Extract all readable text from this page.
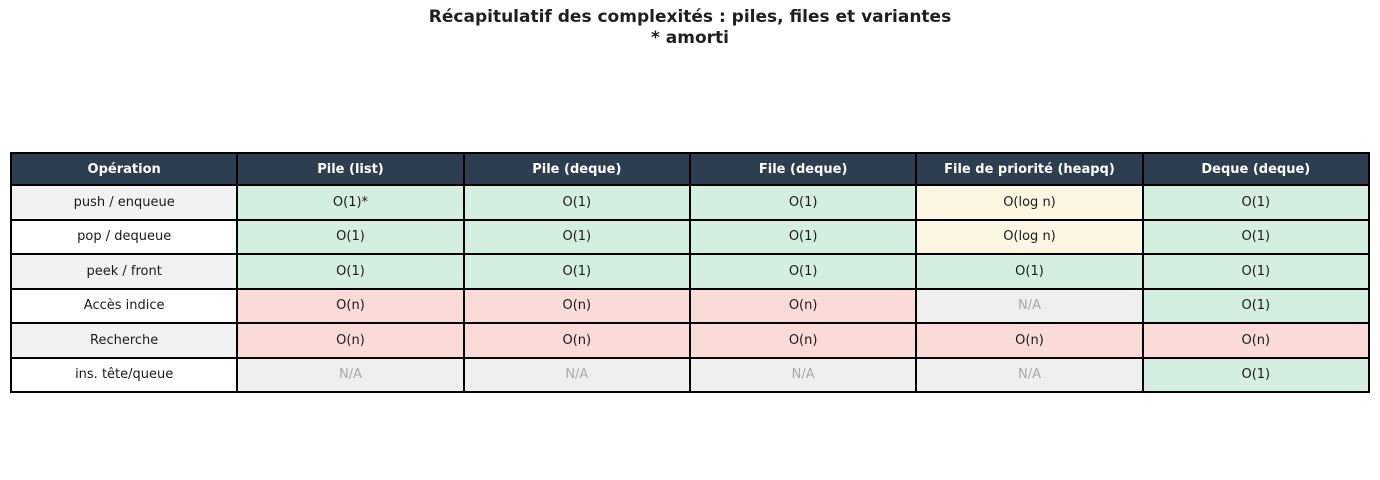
Récapitulatif des complexités : piles, files et variantes
* amorti
Opération	Pile (list)	Pile (deque)	File (deque)	File de priorité (heapq)	Deque (deque)
push / enqueue	O(1)*	O(1)	O(1)	O(log n)	O(1)
pop / dequeue	O(1)	O(1)	O(1)	O(log n)	O(1)
peek / front	O(1)	O(1)	O(1)	O(1)	O(1)
Accès indice	O(n)	O(n)	O(n)	N/A	O(1)
Recherche	O(n)	O(n)	O(n)	O(n)	O(n)
ins. tête/queue	N/A	N/A	N/A	N/A	O(1)
